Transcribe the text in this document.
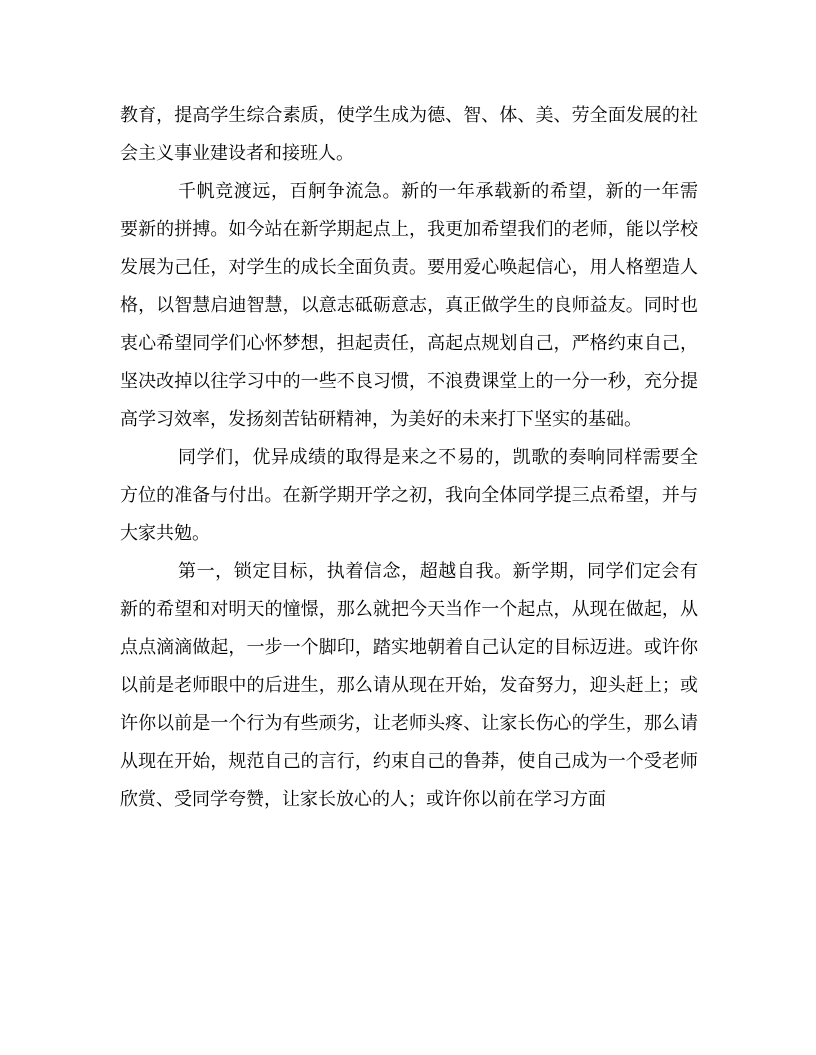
教育，提高学生综合素质，使学生成为德、智、体、美、劳全面发展的社会主义事业建设者和接班人。

千帆竞渡远，百舸争流急。新的一年承载新的希望，新的一年需要新的拼搏。如今站在新学期起点上，我更加希望我们的老师，能以学校发展为己任，对学生的成长全面负责。要用爱心唤起信心，用人格塑造人格，以智慧启迪智慧，以意志砥砺意志，真正做学生的良师益友。同时也衷心希望同学们心怀梦想，担起责任，高起点规划自己，严格约束自己，坚决改掉以往学习中的一些不良习惯，不浪费课堂上的一分一秒，充分提高学习效率，发扬刻苦钻研精神，为美好的未来打下坚实的基础。

同学们，优异成绩的取得是来之不易的，凯歌的奏响同样需要全方位的准备与付出。在新学期开学之初，我向全体同学提三点希望，并与大家共勉。

第一，锁定目标，执着信念，超越自我。新学期，同学们定会有新的希望和对明天的憧憬，那么就把今天当作一个起点，从现在做起，从点点滴滴做起，一步一个脚印，踏实地朝着自己认定的目标迈进。或许你以前是老师眼中的后进生，那么请从现在开始，发奋努力，迎头赶上；或许你以前是一个行为有些顽劣，让老师头疼、让家长伤心的学生，那么请从现在开始，规范自己的言行，约束自己的鲁莽，使自己成为一个受老师欣赏、受同学夸赞，让家长放心的人；或许你以前在学习方面
